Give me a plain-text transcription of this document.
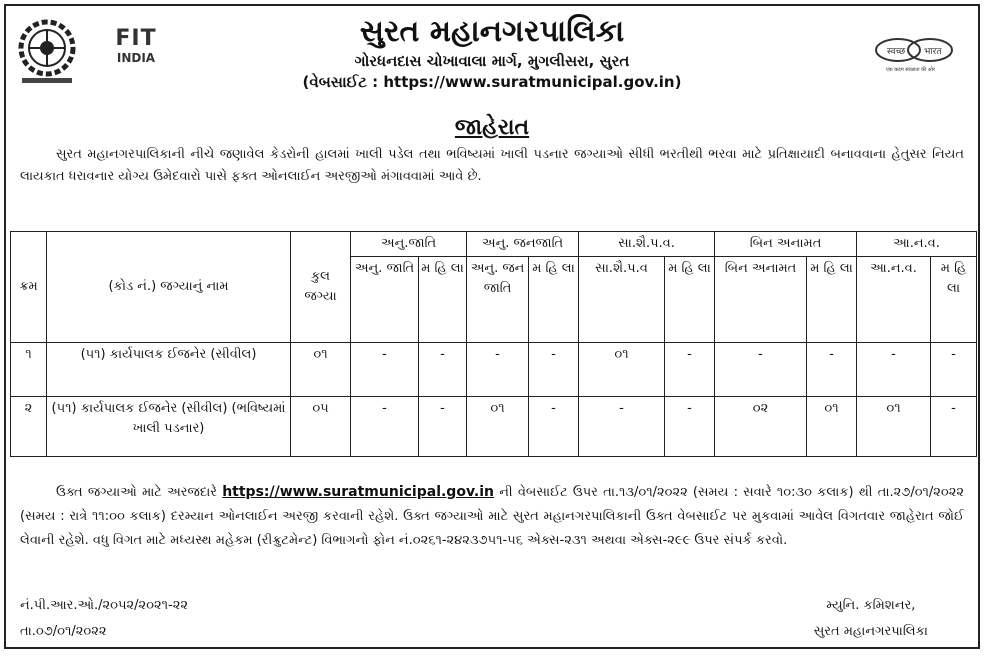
FIT
INDIA	स्वच्छ भारत
एक कदम स्वच्छता की ओर
સુરત મહાનગરપાલિકા
ગોરધનદાસ ચોખાવાલા માર્ગ, મુગલીસરા, સુરત
(વેબસાઈટ : https://www.suratmunicipal.gov.in)
જાહેરાત
સુરત મહાનગરપાલિકાની નીચે જણાવેલ કેડરોની હાલમાં ખાલી પડેલ તથા ભવિષ્યમાં ખાલી પડનાર જગ્યાઓ સીધી ભરતીથી ભરવા માટે પ્રતિક્ષાયાદી બનાવવાના હેતુસર નિયત લાયકાત ધરાવનાર યોગ્ય ઉમેદવારો પાસે ફક્ત ઓનલાઈન અરજીઓ મંગાવવામાં આવે છે.
ક્રમ	(કોડ નં.) જગ્યાનું નામ	કુલ જગ્યા	અનુ.જાતિ		અનુ. જનજાતિ		સા.શૈ.પ.વ.		બિન અનામત		આ.ન.વ.	
			અનુ. જાતિ	મ હિ લા	અનુ. જન જાતિ	મ હિ લા	સા.શૈ.પ.વ	મ હિ લા	બિન અનામત	મ હિ લા	આ.ન.વ.	મ હિ લા
૧	(૫૧) કાર્યપાલક ઈજનેર (સીવીલ)	૦૧	-	-	-	-	૦૧	-	-	-	-	-
૨	(૫૧) કાર્યપાલક ઈજનેર (સીવીલ) (ભવિષ્યમાં ખાલી પડનાર)	૦૫	-	-	૦૧	-	-	-	૦૨	૦૧	૦૧	-
ઉક્ત જગ્યાઓ માટે અરજદારે https://www.suratmunicipal.gov.in ની વેબસાઈટ ઉપર તા.૧૩/૦૧/૨૦૨૨ (સમય : સવારે ૧૦:૩૦ કલાક) થી તા.૨૭/૦૧/૨૦૨૨ (સમય : રાત્રે ૧૧:૦૦ કલાક) દરમ્યાન ઓનલાઈન અરજી કરવાની રહેશે. ઉક્ત જગ્યાઓ માટે સુરત મહાનગરપાલિકાની ઉક્ત વેબસાઈટ પર મુકવામાં આવેલ વિગતવાર જાહેરાત જોઈ લેવાની રહેશે. વધુ વિગત માટે મધ્યસ્થ મહેકમ (રીક્રુટમેન્ટ) વિભાગનો ફોન નં.૦૨૬૧-૨૪૨૩૭૫૧-૫૬ એક્સ-૨૩૧ અથવા એક્સ-૨૯૯ ઉપર સંપર્ક કરવો.
નં.પી.આર.ઓ./૨૦૫૨/૨૦૨૧-૨૨
તા.૦૭/૦૧/૨૦૨૨
મ્યુનિ. કમિશનર,
સુરત મહાનગરપાલિકા
